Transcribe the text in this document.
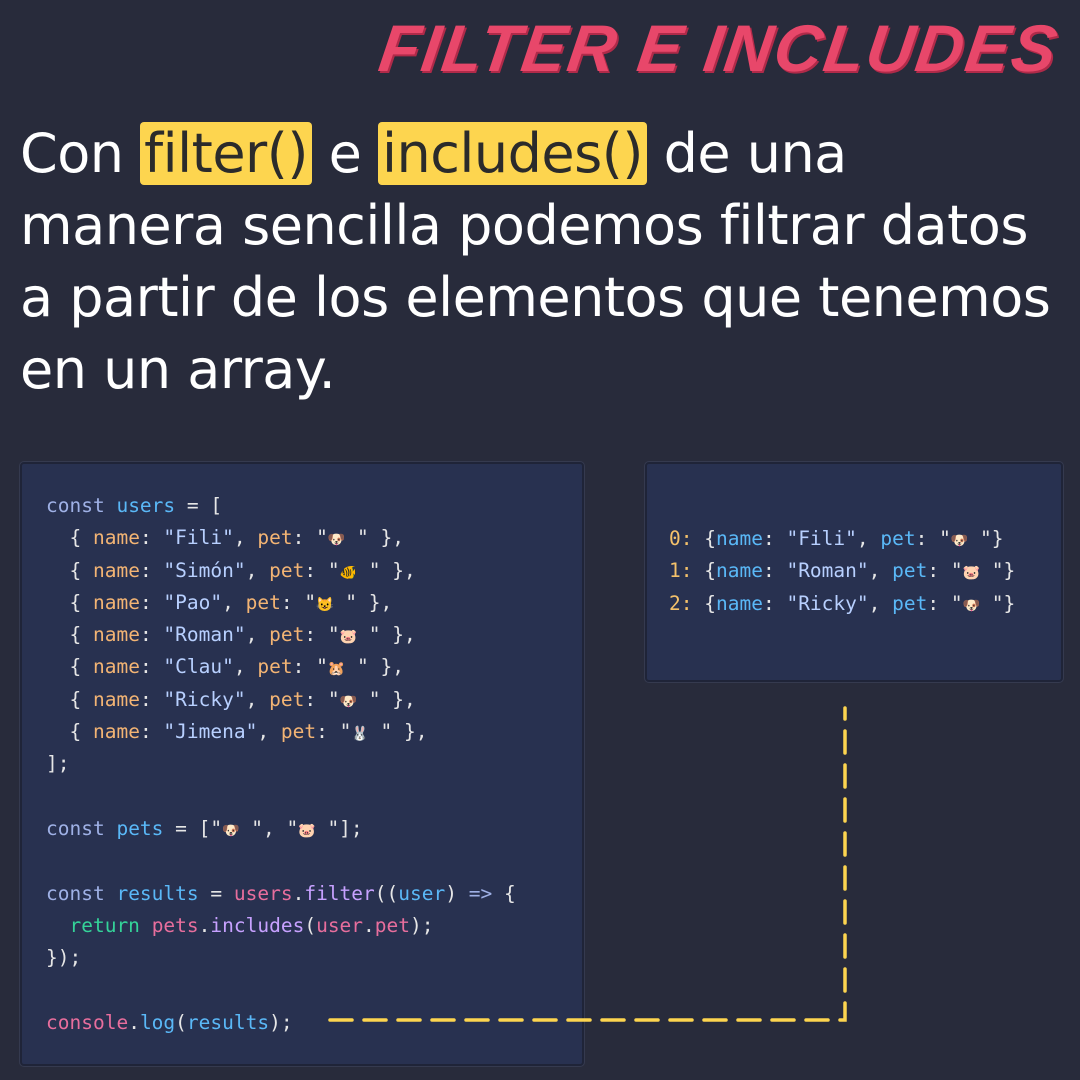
FILTER E INCLUDES
Con filter() e includes() de una manera sencilla podemos filtrar datos a partir de los elementos que tenemos en un array.
const users = [
{ name: "Fili", pet: "🐶 " },
{ name: "Simón", pet: "🐠 " },
{ name: "Pao", pet: "😺 " },
{ name: "Roman", pet: "🐷 " },
{ name: "Clau", pet: "🐹 " },
{ name: "Ricky", pet: "🐶 " },
{ name: "Jimena", pet: "🐰 " },
];

const pets = ["🐶 ", "🐷 "];

const results = users.filter((user) => {
return pets.includes(user.pet);
});

console.log(results);
0: {name: "Fili", pet: "🐶 "}
1: {name: "Roman", pet: "🐷 "}
2: {name: "Ricky", pet: "🐶 "}
